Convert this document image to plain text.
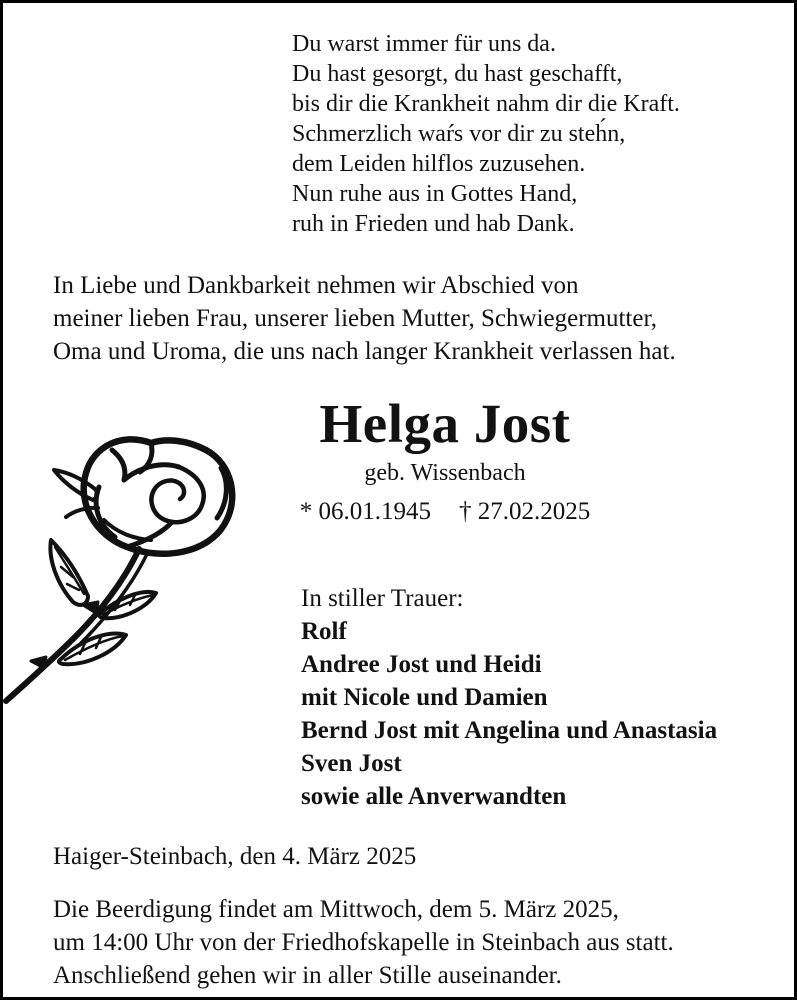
Du warst immer für uns da.
Du hast gesorgt, du hast geschafft,
bis dir die Krankheit nahm dir die Kraft.
Schmerzlich waŕs vor dir zu steh́n,
dem Leiden hilflos zuzusehen.
Nun ruhe aus in Gottes Hand,
ruh in Frieden und hab Dank.
In Liebe und Dankbarkeit nehmen wir Abschied von
meiner lieben Frau, unserer lieben Mutter, Schwiegermutter,
Oma und Uroma, die uns nach langer Krankheit verlassen hat.
Helga Jost
geb. Wissenbach
* 06.01.1945 † 27.02.2025
In stiller Trauer:
Rolf
Andree Jost und Heidi
mit Nicole und Damien
Bernd Jost mit Angelina und Anastasia
Sven Jost
sowie alle Anverwandten
Haiger-Steinbach, den 4. März 2025
Die Beerdigung findet am Mittwoch, dem 5. März 2025,
um 14:00 Uhr von der Friedhofskapelle in Steinbach aus statt.
Anschließend gehen wir in aller Stille auseinander.
